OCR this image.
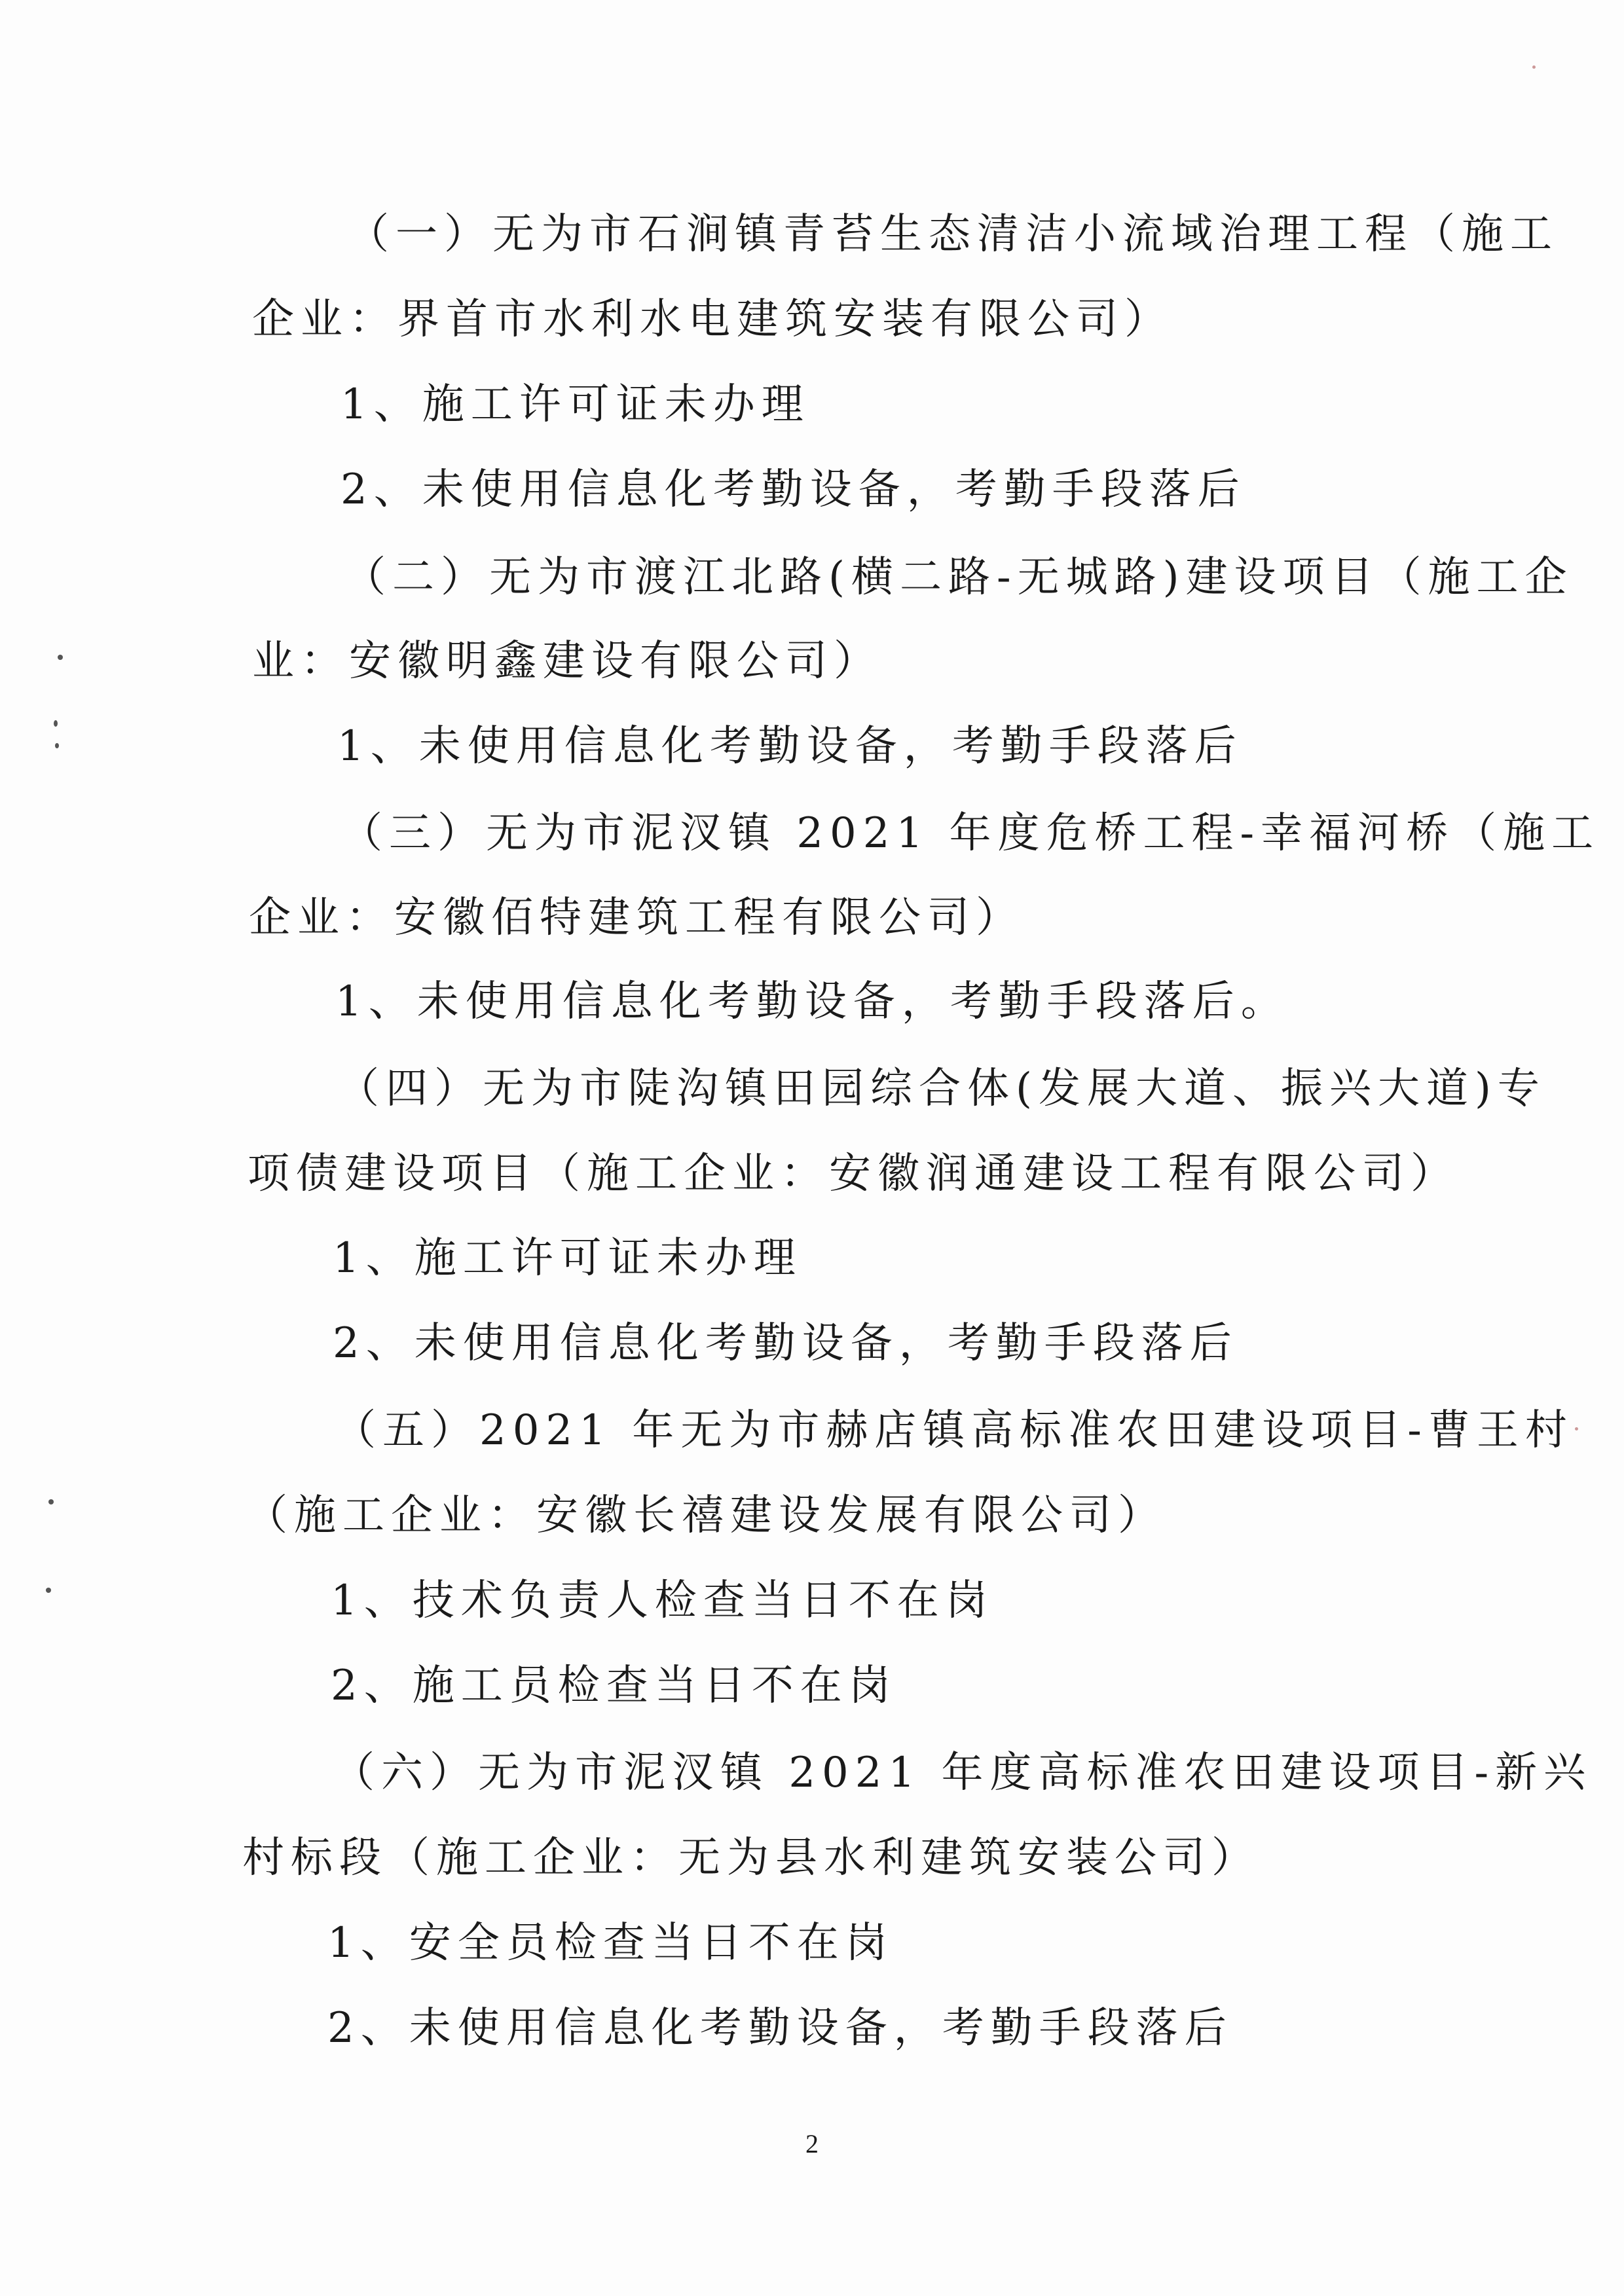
（一）无为市石涧镇青苔生态清洁小流域治理工程（施工
企业：界首市水利水电建筑安装有限公司）
1、施工许可证未办理
2、未使用信息化考勤设备，考勤手段落后
（二）无为市渡江北路(横二路-无城路)建设项目（施工企
业：安徽明鑫建设有限公司）
1、未使用信息化考勤设备，考勤手段落后
（三）无为市泥汊镇 2021 年度危桥工程-幸福河桥（施工
企业：安徽佰特建筑工程有限公司）
1、未使用信息化考勤设备，考勤手段落后。
（四）无为市陡沟镇田园综合体(发展大道、振兴大道)专
项债建设项目（施工企业：安徽润通建设工程有限公司）
1、施工许可证未办理
2、未使用信息化考勤设备，考勤手段落后
（五）2021 年无为市赫店镇高标准农田建设项目-曹王村
（施工企业：安徽长禧建设发展有限公司）
1、技术负责人检查当日不在岗
2、施工员检查当日不在岗
（六）无为市泥汊镇 2021 年度高标准农田建设项目-新兴
村标段（施工企业：无为县水利建筑安装公司）
1、安全员检查当日不在岗
2、未使用信息化考勤设备，考勤手段落后
2
